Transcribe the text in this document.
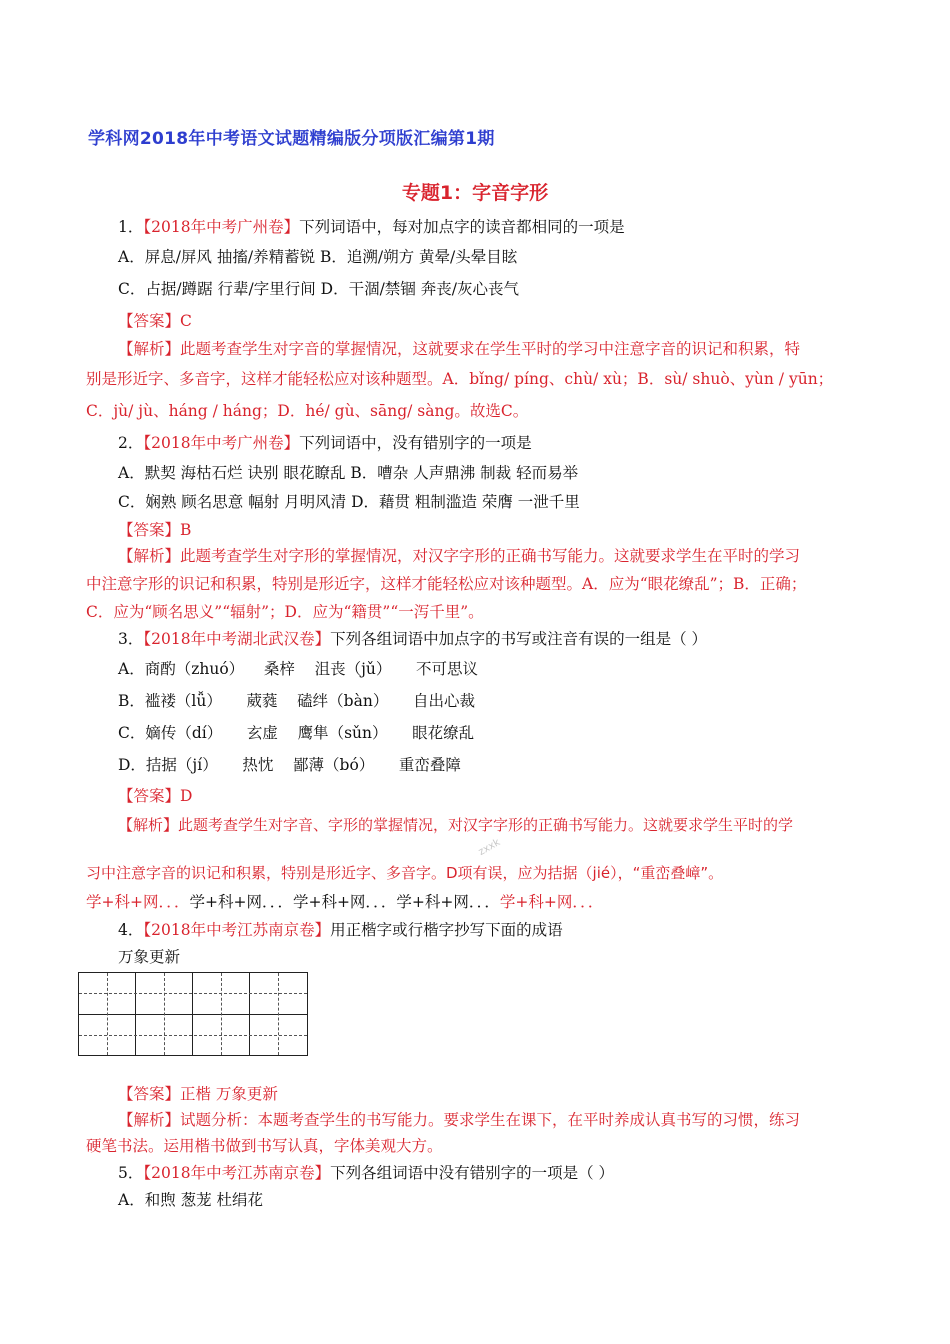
学科网2018年中考语文试题精编版分项版汇编第1期
专题1：字音字形
1．【2018年中考广州卷】下列词语中，每对加点字的读音都相同的一项是
A．屏息/屏风 抽搐/养精蓄锐 B．追溯/朔方 黄晕/头晕目眩
C．占据/蹲踞 行辈/字里行间 D．干涸/禁锢 奔丧/灰心丧气
【答案】C
【解析】此题考查学生对字音的掌握情况，这就要求在学生平时的学习中注意字音的识记和积累，特
别是形近字、多音字，这样才能轻松应对该种题型。A．bǐng/ píng、chù/ xù；B．sù/ shuò、yùn / yūn；
C．jù/ jù、háng / háng；D．hé/ gù、sāng/ sàng。故选C。
2．【2018年中考广州卷】下列词语中，没有错别字的一项是
A．默契 海枯石烂 诀别 眼花瞭乱 B．嘈杂 人声鼎沸 制裁 轻而易举
C．娴熟 顾名思意 幅射 月明风清 D．藉贯 粗制滥造 荣膺 一泄千里
【答案】B
【解析】此题考查学生对字形的掌握情况，对汉字字形的正确书写能力。这就要求学生在平时的学习
中注意字形的识记和积累，特别是形近字，这样才能轻松应对该种题型。A．应为“眼花缭乱”；B．正确；
C．应为“顾名思义”“辐射”；D．应为“籍贯”“一泻千里”。
3．【2018年中考湖北武汉卷】下列各组词语中加点字的书写或注音有误的一组是（ ）
A．商酌（zhuó）    桑梓    沮丧（jǔ）     不可思议
B．褴褛（lǚ）     葳蕤    磕绊（bàn）     自出心裁
C．嫡传（dí）     玄虚    鹰隼（sǔn）     眼花缭乱
D．拮据（jí）     热忱    鄙薄（bó）     重峦叠障
【答案】D
【解析】此题考查学生对字音、字形的掌握情况，对汉字字形的正确书写能力。这就要求学生平时的学
习中注意字音的识记和积累，特别是形近字、多音字。D项有误，应为拮据（jié），“重峦叠嶂”。
学+科+网．．．学+科+网．．．学+科+网．．．学+科+网．．．学+科+网．．．
zxxk
4．【2018年中考江苏南京卷】用正楷字或行楷字抄写下面的成语
万象更新
【答案】正楷 万象更新
【解析】试题分析：本题考查学生的书写能力。要求学生在课下，在平时养成认真书写的习惯，练习
硬笔书法。运用楷书做到书写认真，字体美观大方。
5．【2018年中考江苏南京卷】下列各组词语中没有错别字的一项是（ ）
A．和煦 葱茏 杜绢花
